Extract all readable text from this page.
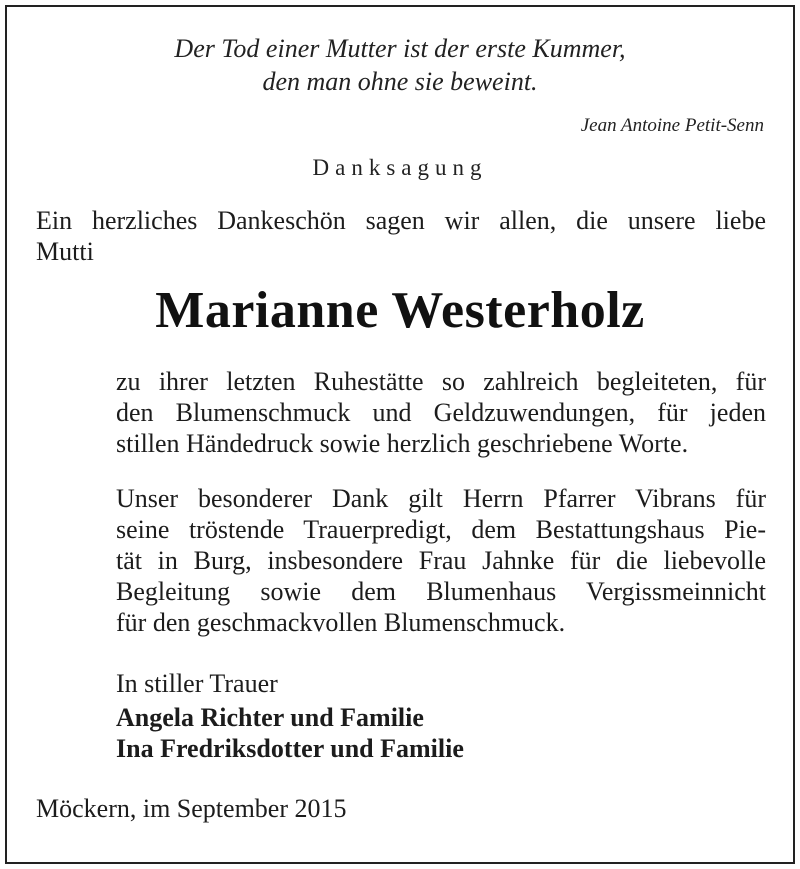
Der Tod einer Mutter ist der erste Kummer,

den man ohne sie beweint.

Jean Antoine Petit-Senn

Danksagung

Ein herzliches Dankeschön sagen wir allen, die unsere liebe

Mutti

Marianne Westerholz

zu ihrer letzten Ruhestätte so zahlreich begleiteten, für

den Blumenschmuck und Geldzuwendungen, für jeden

stillen Händedruck sowie herzlich geschriebene Worte.

Unser besonderer Dank gilt Herrn Pfarrer Vibrans für

seine tröstende Trauerpredigt, dem Bestattungshaus Pie-

tät in Burg, insbesondere Frau Jahnke für die liebevolle

Begleitung sowie dem Blumenhaus Vergissmeinnicht

für den geschmackvollen Blumenschmuck.

In stiller Trauer

Angela Richter und Familie

Ina Fredriksdotter und Familie

Möckern, im September 2015
